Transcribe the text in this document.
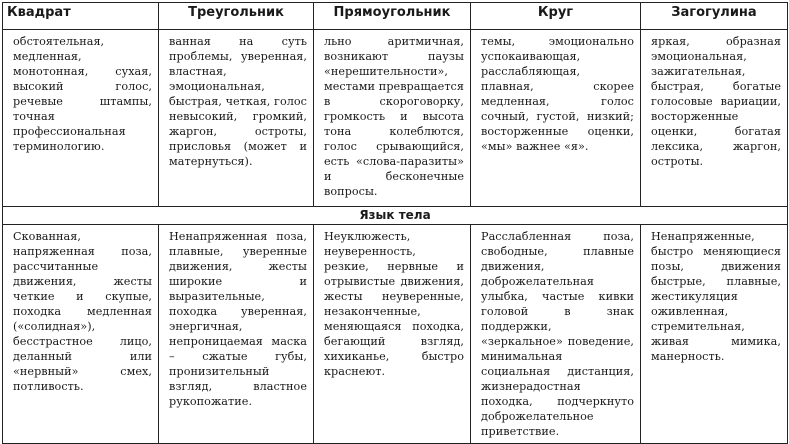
Квадрат	Треугольник	Прямоугольник	Круг	Загогулина
обстоятельная, медленная, монотонная, сухая, высокий голос, речевые штампы, точная профессиональная терминологию.	ванная на суть проблемы, уверенная, властная, эмоциональная, быстрая, четкая, голос невысокий, громкий, жаргон, остроты, присловья (может и матернуться).	льно аритмичная, возникают паузы «нерешительности», местами превращается в скороговорку, громкость и высота тона колеблются, голос срывающийся, есть «слова-паразиты» и бесконечные вопросы.	темы, эмоционально успокаивающая, расслабляющая, плавная, скорее медленная, голос сочный, густой, низкий; восторженные оценки, «мы» важнее «я».	яркая, образная эмоциональная, зажигательная, быстрая, богатые голосовые вариации, восторженные оценки, богатая лексика, жаргон, остроты.
Язык тела				
Скованная, напряженная поза, рассчитанные движения, жесты четкие и скупые, походка медленная («солидная»), бесстрастное лицо, деланный или «нервный» смех, потливость.	Ненапряженная поза, плавные, уверенные движения, жесты широкие и выразительные, походка уверенная, энергичная, непроницаемая маска – сжатые губы, пронизительный взгляд, властное рукопожатие.	Неуклюжесть, неуверенность, резкие, нервные и отрывистые движения, жесты неуверенные, незаконченные, меняющаяся походка, бегающий взгляд, хихиканье, быстро краснеют.	Расслабленная поза, свободные, плавные движения, доброжелательная улыбка, частые кивки головой в знак поддержки, «зеркальное» поведение, минимальная социальная дистанция, жизнерадостная походка, подчеркнуто доброжелательное приветствие.	Ненапряженные, быстро меняющиеся позы, движения быстрые, плавные, жестикуляция оживленная, стремительная, живая мимика, манерность.
